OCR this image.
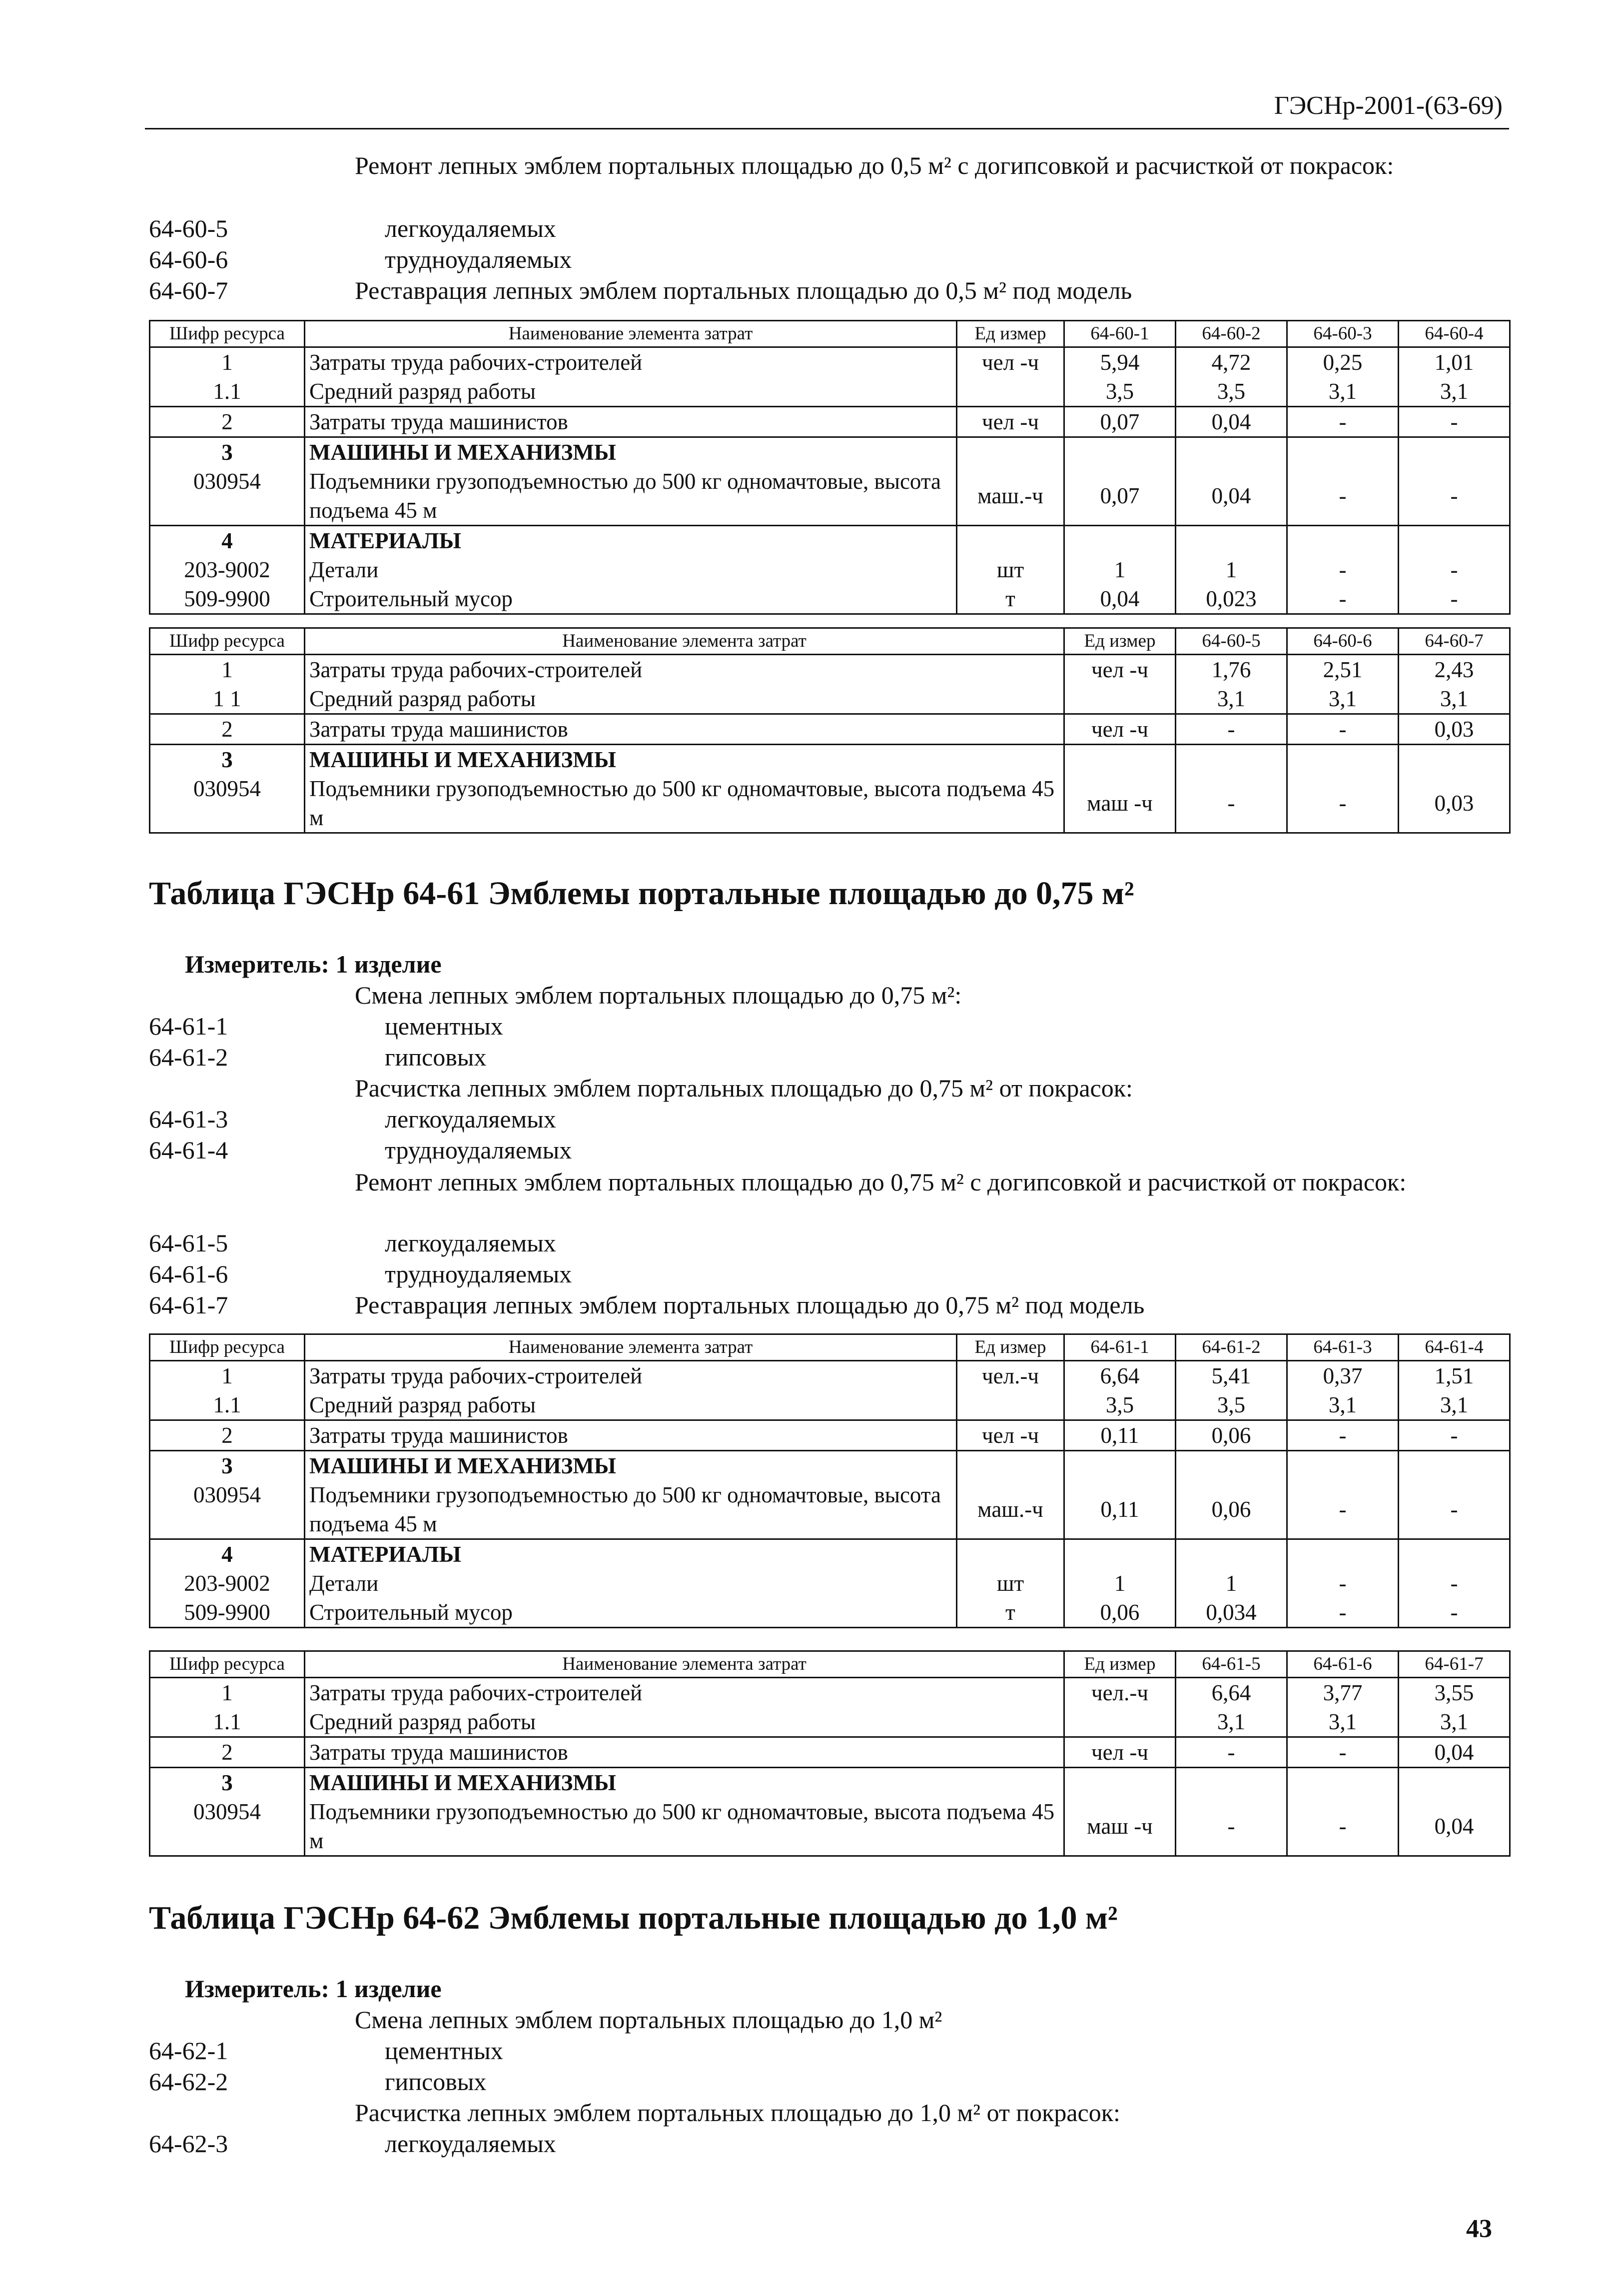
ГЭСНр-2001-(63-69)
Ремонт лепных эмблем портальных площадью до 0,5 м² с догипсовкой и расчисткой от покрасок:
64-60-5	легкоудаляемых
64-60-6	трудноудаляемых
64-60-7	Реставрация лепных эмблем портальных площадью до 0,5 м² под модель
Шифр ресурса	Наименование элемента затрат	Ед измер	64-60-1	64-60-2	64-60-3	64-60-4
1	Затраты труда рабочих-строителей	чел -ч	5,94	4,72	0,25	1,01
1.1	Средний разряд работы		3,5	3,5	3,1	3,1
2	Затраты труда машинистов	чел -ч	0,07	0,04	-	-
3	МАШИНЫ И МЕХАНИЗМЫ					
030954	Подъемники грузоподъемностью до 500 кг одномачтовые, высота подъема 45 м	маш.-ч	0,07	0,04	-	-
4	МАТЕРИАЛЫ					
203-9002	Детали	шт	1	1	-	-
509-9900	Строительный мусор	т	0,04	0,023	-	-
Шифр ресурса	Наименование элемента затрат	Ед измер	64-60-5	64-60-6	64-60-7
1	Затраты труда рабочих-строителей	чел -ч	1,76	2,51	2,43
1 1	Средний разряд работы		3,1	3,1	3,1
2	Затраты труда машинистов	чел -ч	-	-	0,03
3	МАШИНЫ И МЕХАНИЗМЫ				
030954	Подъемники грузоподъемностью до 500 кг одномачтовые, высота подъема 45 м	маш -ч	-	-	0,03
Таблица ГЭСНр 64-61 Эмблемы портальные площадью до 0,75 м²
Измеритель: 1 изделие
Смена лепных эмблем портальных площадью до 0,75 м²:
64-61-1	цементных
64-61-2	гипсовых
Расчистка лепных эмблем портальных площадью до 0,75 м² от покрасок:
64-61-3	легкоудаляемых
64-61-4	трудноудаляемых
Ремонт лепных эмблем портальных площадью до 0,75 м² с догипсовкой и расчисткой от покрасок:
64-61-5	легкоудаляемых
64-61-6	трудноудаляемых
64-61-7	Реставрация лепных эмблем портальных площадью до 0,75 м² под модель
Шифр ресурса	Наименование элемента затрат	Ед измер	64-61-1	64-61-2	64-61-3	64-61-4
1	Затраты труда рабочих-строителей	чел.-ч	6,64	5,41	0,37	1,51
1.1	Средний разряд работы		3,5	3,5	3,1	3,1
2	Затраты труда машинистов	чел -ч	0,11	0,06	-	-
3	МАШИНЫ И МЕХАНИЗМЫ					
030954	Подъемники грузоподъемностью до 500 кг одномачтовые, высота подъема 45 м	маш.-ч	0,11	0,06	-	-
4	МАТЕРИАЛЫ					
203-9002	Детали	шт	1	1	-	-
509-9900	Строительный мусор	т	0,06	0,034	-	-
Шифр ресурса	Наименование элемента затрат	Ед измер	64-61-5	64-61-6	64-61-7
1	Затраты труда рабочих-строителей	чел.-ч	6,64	3,77	3,55
1.1	Средний разряд работы		3,1	3,1	3,1
2	Затраты труда машинистов	чел -ч	-	-	0,04
3	МАШИНЫ И МЕХАНИЗМЫ				
030954	Подъемники грузоподъемностью до 500 кг одномачтовые, высота подъема 45 м	маш -ч	-	-	0,04
Таблица ГЭСНр 64-62 Эмблемы портальные площадью до 1,0 м²
Измеритель: 1 изделие
Смена лепных эмблем портальных площадью до 1,0 м²
64-62-1	цементных
64-62-2	гипсовых
Расчистка лепных эмблем портальных площадью до 1,0 м² от покрасок:
64-62-3	легкоудаляемых
43
